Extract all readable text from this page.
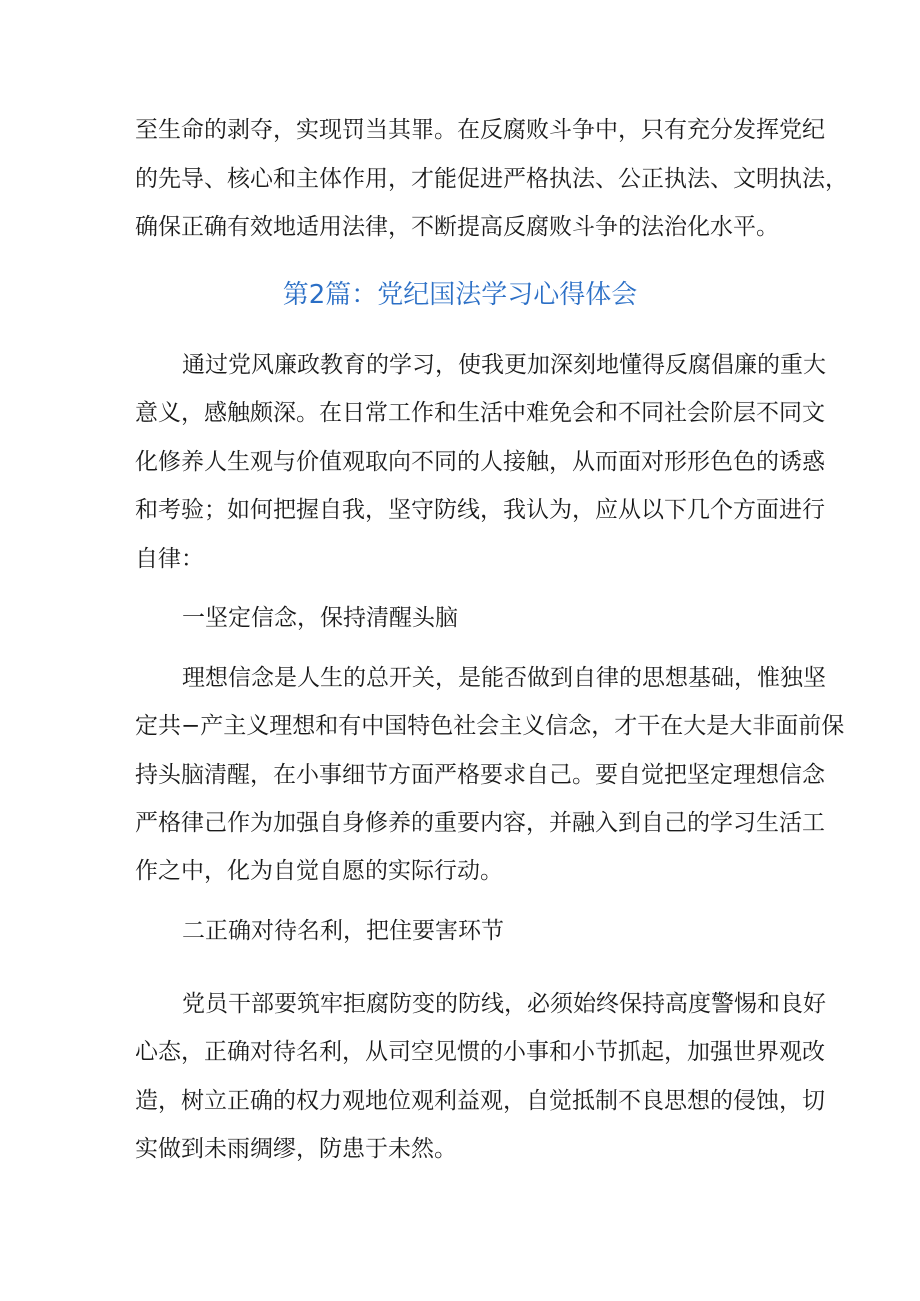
至生命的剥夺，实现罚当其罪。在反腐败斗争中，只有充分发挥党纪
的先导、核心和主体作用，才能促进严格执法、公正执法、文明执法，
确保正确有效地适用法律，不断提高反腐败斗争的法治化水平。
第2篇：党纪国法学习心得体会
通过党风廉政教育的学习，使我更加深刻地懂得反腐倡廉的重大
意义，感触颇深。在日常工作和生活中难免会和不同社会阶层不同文
化修养人生观与价值观取向不同的人接触，从而面对形形色色的诱惑
和考验；如何把握自我，坚守防线，我认为，应从以下几个方面进行
自律：
一坚定信念，保持清醒头脑
理想信念是人生的总开关，是能否做到自律的思想基础，惟独坚
定共−产主义理想和有中国特色社会主义信念，才干在大是大非面前保
持头脑清醒，在小事细节方面严格要求自己。要自觉把坚定理想信念
严格律己作为加强自身修养的重要内容，并融入到自己的学习生活工
作之中，化为自觉自愿的实际行动。
二正确对待名利，把住要害环节
党员干部要筑牢拒腐防变的防线，必须始终保持高度警惕和良好
心态，正确对待名利，从司空见惯的小事和小节抓起，加强世界观改
造，树立正确的权力观地位观利益观，自觉抵制不良思想的侵蚀，切
实做到未雨绸缪，防患于未然。
